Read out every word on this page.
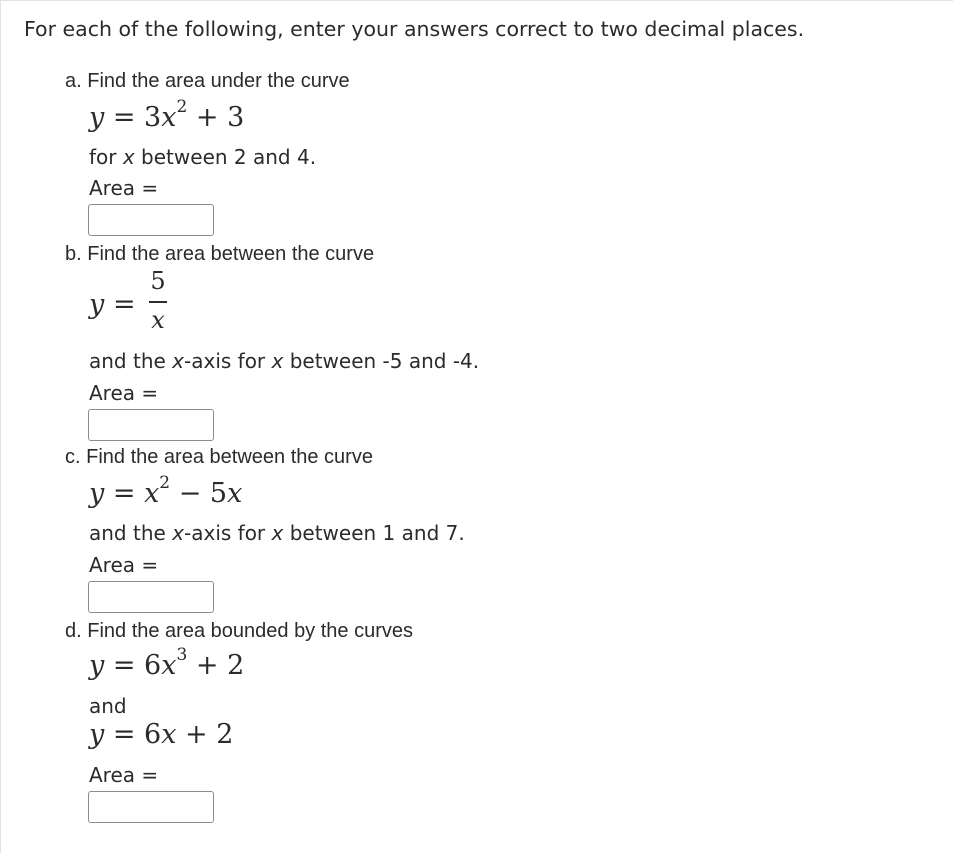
For each of the following, enter your answers correct to two decimal places.
a. Find the area under the curve
$y = 3x^2 + 3$
for x between 2 and 4.
Area =
b. Find the area between the curve
y =
5
x
and the x-axis for x between -5 and -4.
Area =
c. Find the area between the curve
$y = x^2 - 5x$
and the x-axis for x between 1 and 7.
Area =
d. Find the area bounded by the curves
$y = 6x^3 + 2$
and
y = 6x + 2
Area =
